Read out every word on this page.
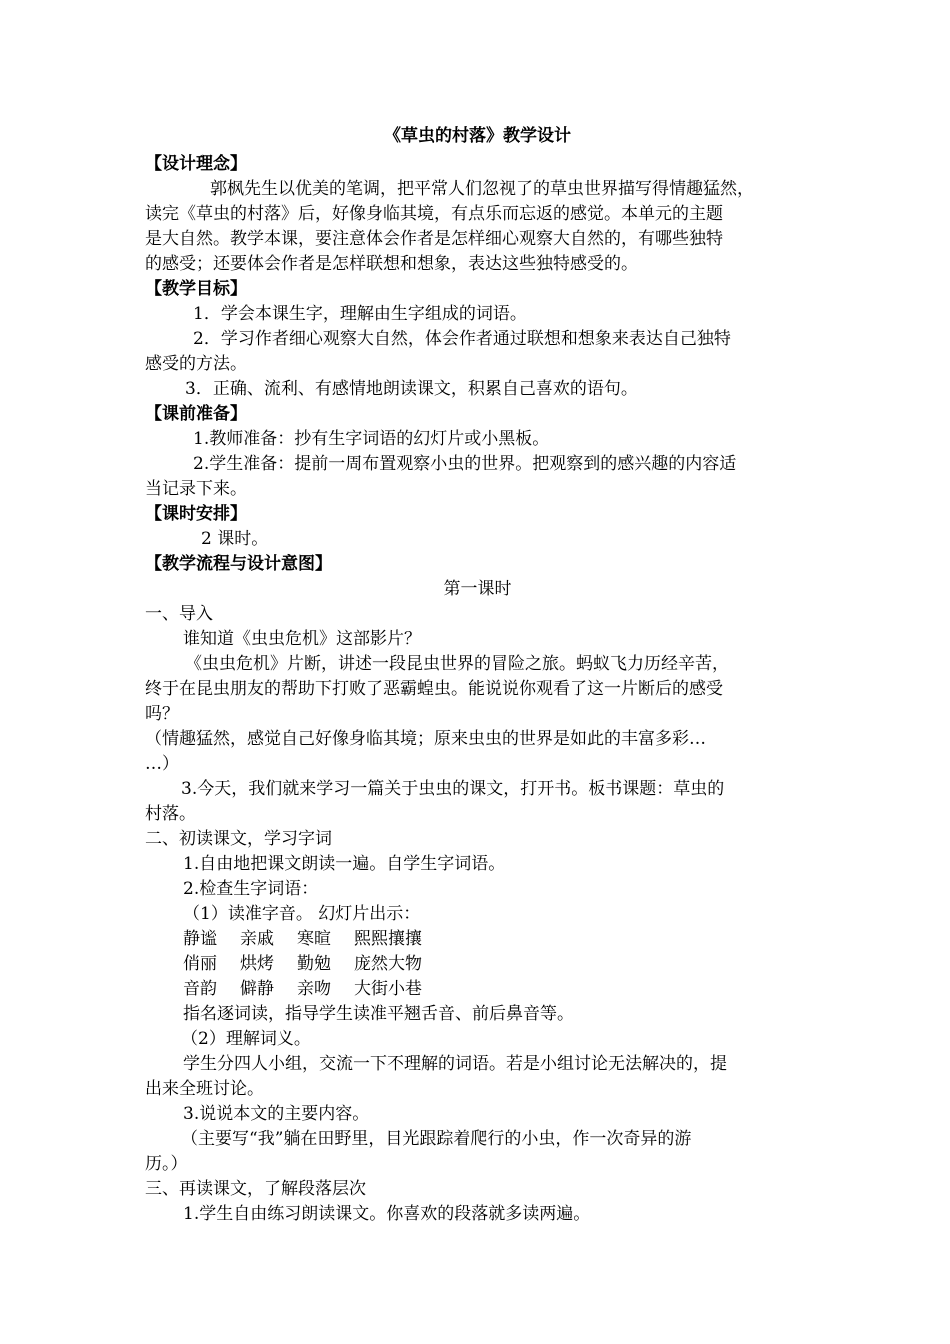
《草虫的村落》教学设计
【设计理念】
郭枫先生以优美的笔调，把平常人们忽视了的草虫世界描写得情趣猛然，
读完《草虫的村落》后，好像身临其境，有点乐而忘返的感觉。本单元的主题
是大自然。教学本课，要注意体会作者是怎样细心观察大自然的，有哪些独特
的感受；还要体会作者是怎样联想和想象，表达这些独特感受的。
【教学目标】
1．学会本课生字，理解由生字组成的词语。
2．学习作者细心观察大自然，体会作者通过联想和想象来表达自己独特
感受的方法。
3．正确、流利、有感情地朗读课文，积累自己喜欢的语句。
【课前准备】
1.教师准备：抄有生字词语的幻灯片或小黑板。
2.学生准备：提前一周布置观察小虫的世界。把观察到的感兴趣的内容适
当记录下来。
【课时安排】
2 课时。
【教学流程与设计意图】
第一课时
一、导入
谁知道《虫虫危机》这部影片？
《虫虫危机》片断，讲述一段昆虫世界的冒险之旅。蚂蚁飞力历经辛苦，
终于在昆虫朋友的帮助下打败了恶霸蝗虫。能说说你观看了这一片断后的感受
吗？
（情趣猛然，感觉自己好像身临其境；原来虫虫的世界是如此的丰富多彩…
…）
3.今天，我们就来学习一篇关于虫虫的课文，打开书。板书课题：草虫的
村落。
二、初读课文，学习字词
1.自由地把课文朗读一遍。自学生字词语。
2.检查生字词语：
（1）读准字音。 幻灯片出示：
静谧	亲戚	寒暄	熙熙攘攘
俏丽	烘烤	勤勉	庞然大物
音韵	僻静	亲吻	大街小巷
指名逐词读，指导学生读准平翘舌音、前后鼻音等。
（2）理解词义。
学生分四人小组，交流一下不理解的词语。若是小组讨论无法解决的，提
出来全班讨论。
3.说说本文的主要内容。
（主要写“我”躺在田野里，目光跟踪着爬行的小虫，作一次奇异的游
历。）
三、再读课文，了解段落层次
1.学生自由练习朗读课文。你喜欢的段落就多读两遍。
